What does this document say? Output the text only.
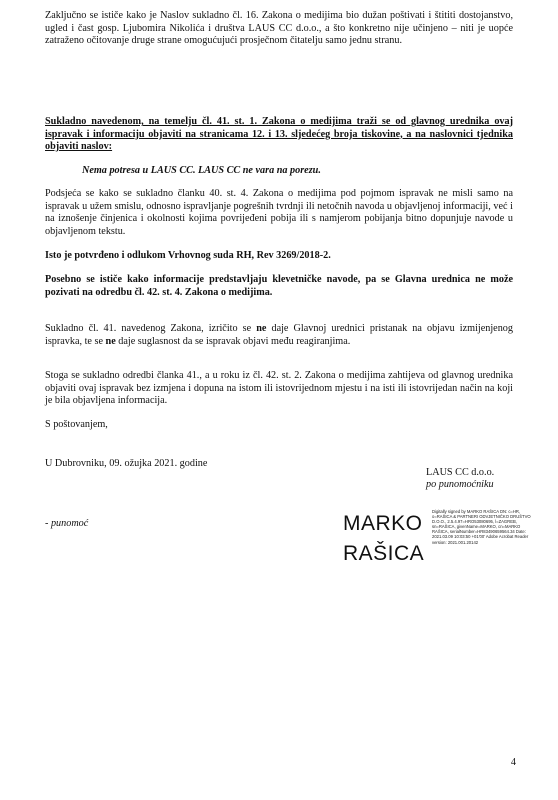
Zaključno se ističe kako je Naslov sukladno čl. 16. Zakona o medijima bio dužan poštivati i štititi dostojanstvo, ugled i čast gosp. Ljubomira Nikolića i društva LAUS CC d.o.o., a što konkretno nije učinjeno – niti je uopće zatraženo očitovanje druge strane omogućujući prosječnom čitatelju samo jednu stranu.

Sukladno navedenom, na temelju čl. 41. st. 1. Zakona o medijima traži se od glavnog urednika ovaj ispravak i informaciju objaviti na stranicama 12. i 13. sljedećeg broja tiskovine, a na naslovnici tjednika objaviti naslov:

Nema potresa u LAUS CC. LAUS CC ne vara na porezu.

Podsjeća se kako se sukladno članku 40. st. 4. Zakona o medijima pod pojmom ispravak ne misli samo na ispravak u užem smislu, odnosno ispravljanje pogrešnih tvrdnji ili netočnih navoda u objavljenoj informaciji, već i na iznošenje činjenica i okolnosti kojima povrijeđeni pobija ili s namjerom pobijanja bitno dopunjuje navode u objavljenom tekstu.

Isto je potvrđeno i odlukom Vrhovnog suda RH, Rev 3269/2018-2.

Posebno se ističe kako informacije predstavljaju klevetničke navode, pa se Glavna urednica ne može pozivati na odredbu čl. 42. st. 4. Zakona o medijima.

Sukladno čl. 41. navedenog Zakona, izričito se ne daje Glavnoj urednici pristanak na objavu izmijenjenog ispravka, te se ne daje suglasnost da se ispravak objavi među reagiranjima.

Stoga se sukladno odredbi članka 41., a u roku iz čl. 42. st. 2. Zakona o medijima zahtijeva od glavnog urednika objaviti ovaj ispravak bez izmjena i dopuna na istom ili istovrijednom mjestu i na isti ili istovrijedan način na koji je bila objavljena informacija.

S poštovanjem,

U Dubrovniku, 09. ožujka 2021. godine

LAUS CC d.o.o.
po punomoćniku
- punomoć	MARKO
RAŠICA
Digitally signed by MARKO RAŠICA DN: c=HR, o=RAŠICA & PARTNERI ODVJETNIČKO DRUŠTVO D.O.O., 2.5.4.97=HRO53080695, l=ZAGREB, sn=RAŠICA, givenName=MARKO, cn=MARKO RAŠICA, serialNumber=HR83490659564.34 Date: 2021.03.09 10:03:50 +01'00' Adobe Acrobat Reader version: 2021.001.20142
4
